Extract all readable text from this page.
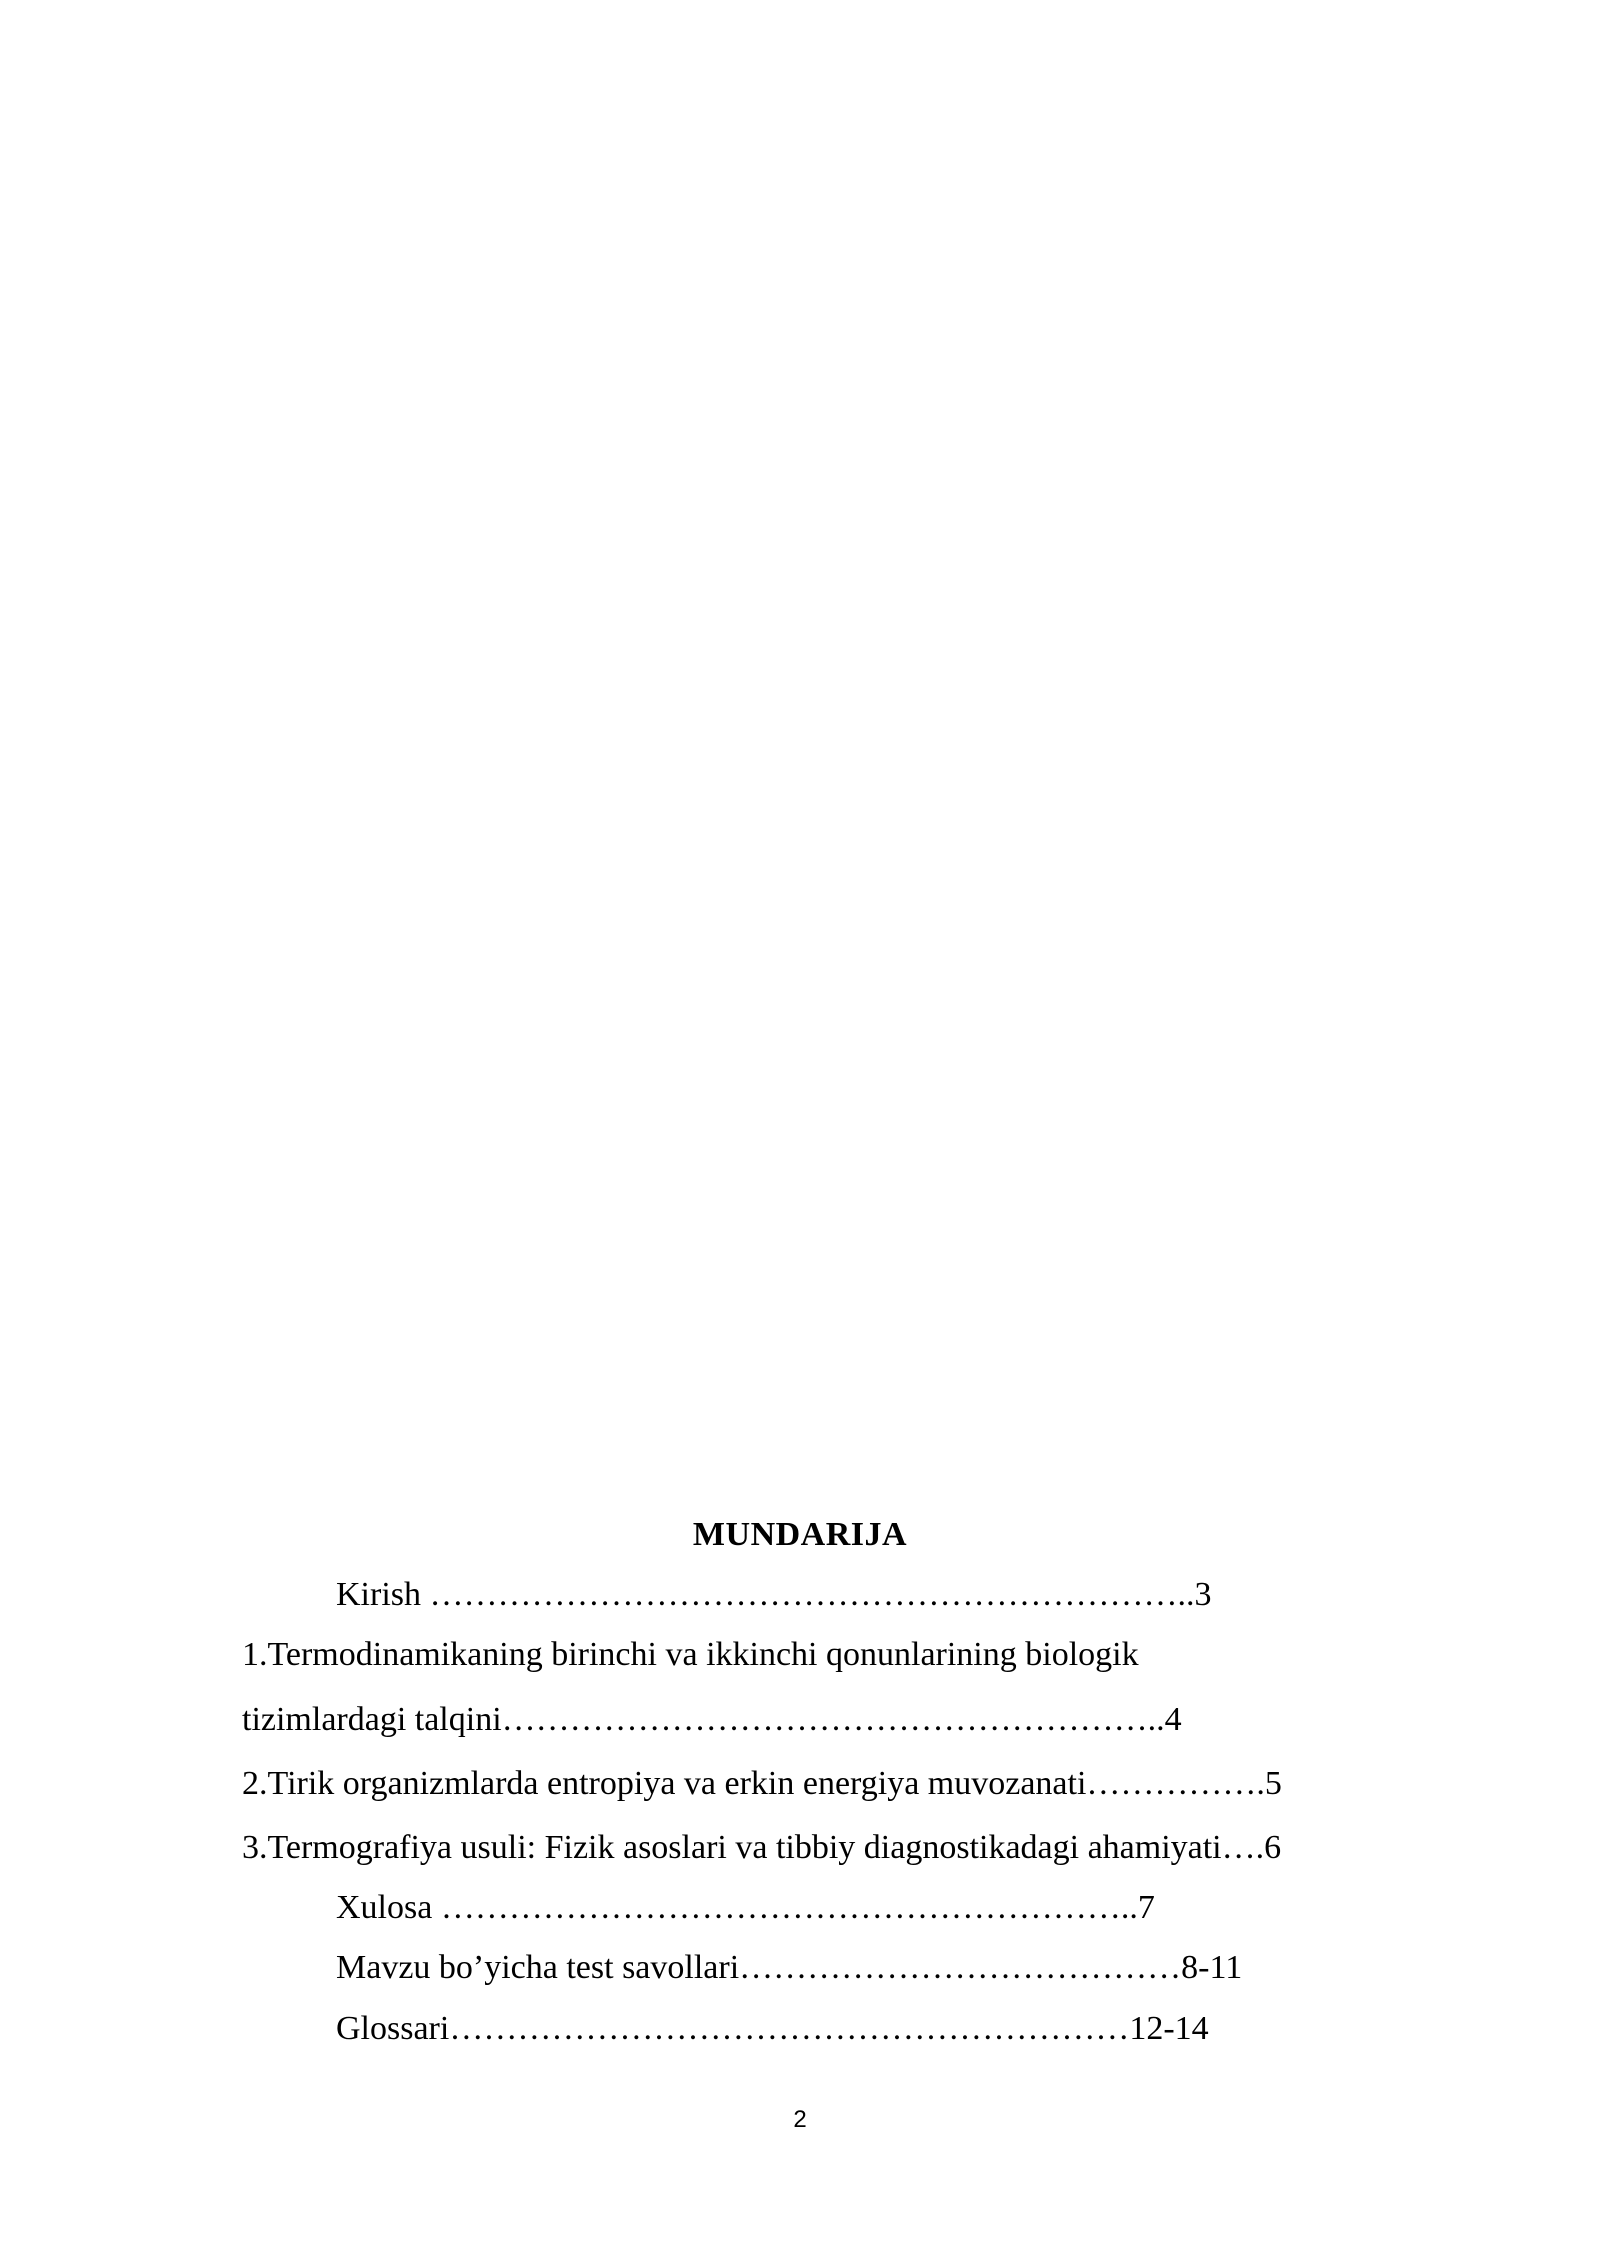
MUNDARIJA
Kirish …………………………………………………………..3
1.Termodinamikaning birinchi va ikkinchi qonunlarining biologik
tizimlardagi talqini…………………………………………………..4
2.Tirik organizmlarda entropiya va erkin energiya muvozanati…………….5
3.Termografiya usuli: Fizik asoslari va tibbiy diagnostikadagi ahamiyati….6
Xulosa ……………………………………………………..7
Mavzu bo’yicha test savollari…………………………………8-11
Glossari……………………………………………………12-14
2
